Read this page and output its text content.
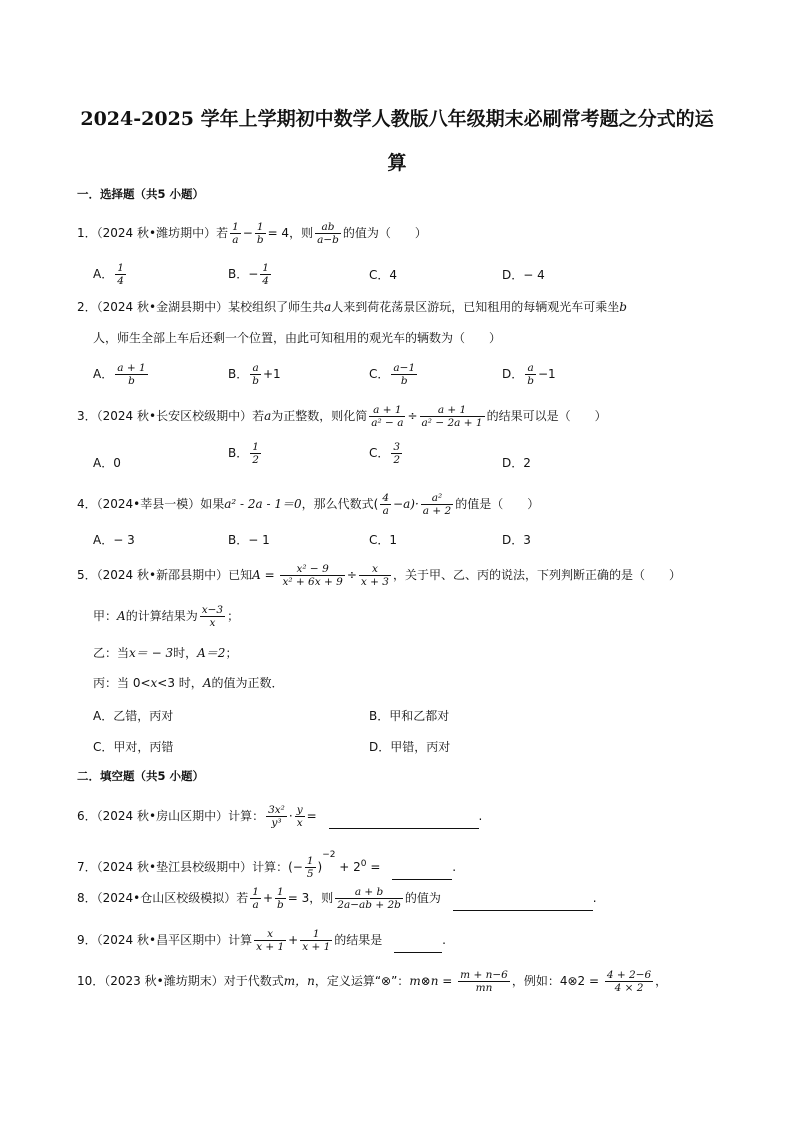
2024-2025 学年上学期初中数学人教版八年级期末必刷常考题之分式的运
算
一．选择题（共5 小题）
1．（2024 秋•潍坊期中）若 $\frac{1}{a} - \frac{1}{b} = 4$，则 $\frac{ab}{a-b}$ 的值为（　　）
A． $\frac{1}{4}$	B．− $\frac{1}{4}$	C．4	D．− 4
2．（2024 秋•金湖县期中）某校组织了师生共a人来到荷花荡景区游玩，已知租用的每辆观光车可乘坐b
人，师生全部上车后还剩一个位置，由此可知租用的观光车的辆数为（　　）
A． $\frac{a + 1}{b}$	B． $\frac{a}{b} +1$	C． $\frac{a-1}{b}$	D． $\frac{a}{b} -1$
3．（2024 秋•长安区校级期中）若a为正整数，则化简 $\frac{a + 1}{\text{a² − a}} \div \frac{a + 1}{\text{a² − 2a + 1}}$ 的结果可以是（　　）
A．0
B． $\frac{1}{2}$	C． $\frac{3}{2}$	D．2
4．（2024•莘县一模）如果a² - 2a - 1＝0，那么代数式( $\frac{4}{a} -a)\cdot \frac{\text{a²}}{a + 2}$ 的值是（　　）
A．− 3	B．− 1	C．1	D．3
5．（2024 秋•新邵县期中）已知$A = \frac{\text{x² − 9}}{\text{x² + 6x + 9}} \div \frac{x}{x + 3}$ ，关于甲、乙、丙的说法，下列判断正确的是（　　）
甲：A的计算结果为 $\frac{x-3}{x}$ ；
乙：当x＝ − 3时，A＝2；
丙：当 0<x<3 时，A的值为正数．
A．乙错，丙对	B．甲和乙都对
C．甲对，丙错	D．甲错，丙对
二．填空题（共5 小题）
6．（2024 秋•房山区期中）计算： $\frac{\text{3x²}}{\text{y³}} \cdot \frac{y}{x}$ =	.
7．（2024 秋•垫江县校级期中）计算：(− $\frac{1}{5} )^{-2} + 2^0$ =	.
8．（2024•仓山区校级模拟）若 $\frac{1}{a} + \frac{1}{b} = 3$，则 $\frac{a + b}{2a-ab + 2b}$ 的值为	.
9．（2024 秋•昌平区期中）计算 $\frac{x}{x + 1} + \frac{1}{x + 1}$ 的结果是	.
10．（2023 秋•潍坊期末）对于代数式m，n，定义运算“⊗”：m⊗n = $\frac{m + n-6}{mn}$ ，例如：4⊗2 = $\frac{4 + 2-6}{4 \times 2}$ ，
